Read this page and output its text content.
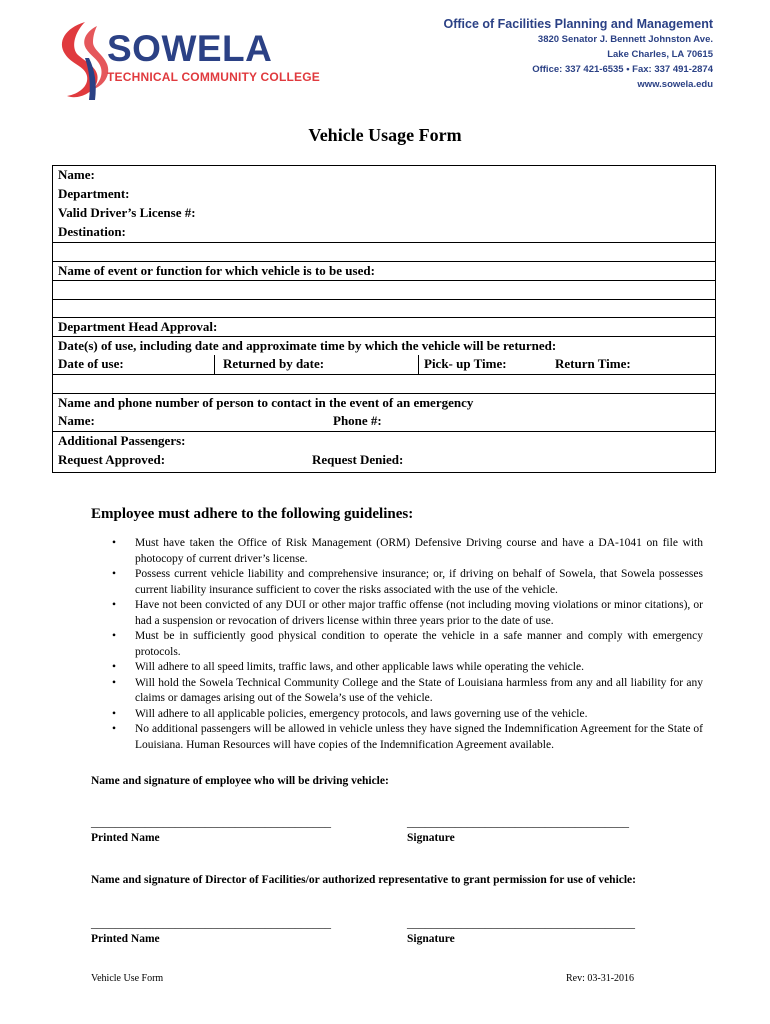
SOWELA
TECHNICAL COMMUNITY COLLEGE
Office of Facilities Planning and Management
3820 Senator J. Bennett Johnston Ave.
Lake Charles, LA 70615
Office: 337 421-6535 • Fax: 337 491-2874
www.sowela.edu
Vehicle Usage Form
Name:
Department:
Valid Driver’s License #:
Destination:
Name of event or function for which vehicle is to be used:
Department Head Approval:
Date(s) of use, including date and approximate time by which the vehicle will be returned:
Date of use:	Returned by date:	Pick- up Time:	Return Time:
Name and phone number of person to contact in the event of an emergency
Name:	Phone #:
Additional Passengers:
Request Approved:	Request Denied:
Employee must adhere to the following guidelines:
• Must have taken the Office of Risk Management (ORM) Defensive Driving course and have a DA-1041 on file with photocopy of current driver’s license.
• Possess current vehicle liability and comprehensive insurance; or, if driving on behalf of Sowela, that Sowela possesses current liability insurance sufficient to cover the risks associated with the use of the vehicle.
• Have not been convicted of any DUI or other major traffic offense (not including moving violations or minor citations), or had a suspension or revocation of drivers license within three years prior to the date of use.
• Must be in sufficiently good physical condition to operate the vehicle in a safe manner and comply with emergency protocols.
• Will adhere to all speed limits, traffic laws, and other applicable laws while operating the vehicle.
• Will hold the Sowela Technical Community College and the State of Louisiana harmless from any and all liability for any claims or damages arising out of the Sowela’s use of the vehicle.
• Will adhere to all applicable policies, emergency protocols, and laws governing use of the vehicle.
• No additional passengers will be allowed in vehicle unless they have signed the Indemnification Agreement for the State of Louisiana. Human Resources will have copies of the Indemnification Agreement available.
Name and signature of employee who will be driving vehicle:
________________________________________	_____________________________________
Printed Name	Signature
Name and signature of Director of Facilities/or authorized representative to grant permission for use of vehicle:
________________________________________	______________________________________
Printed Name	Signature
Vehicle Use Form	Rev: 03-31-2016
